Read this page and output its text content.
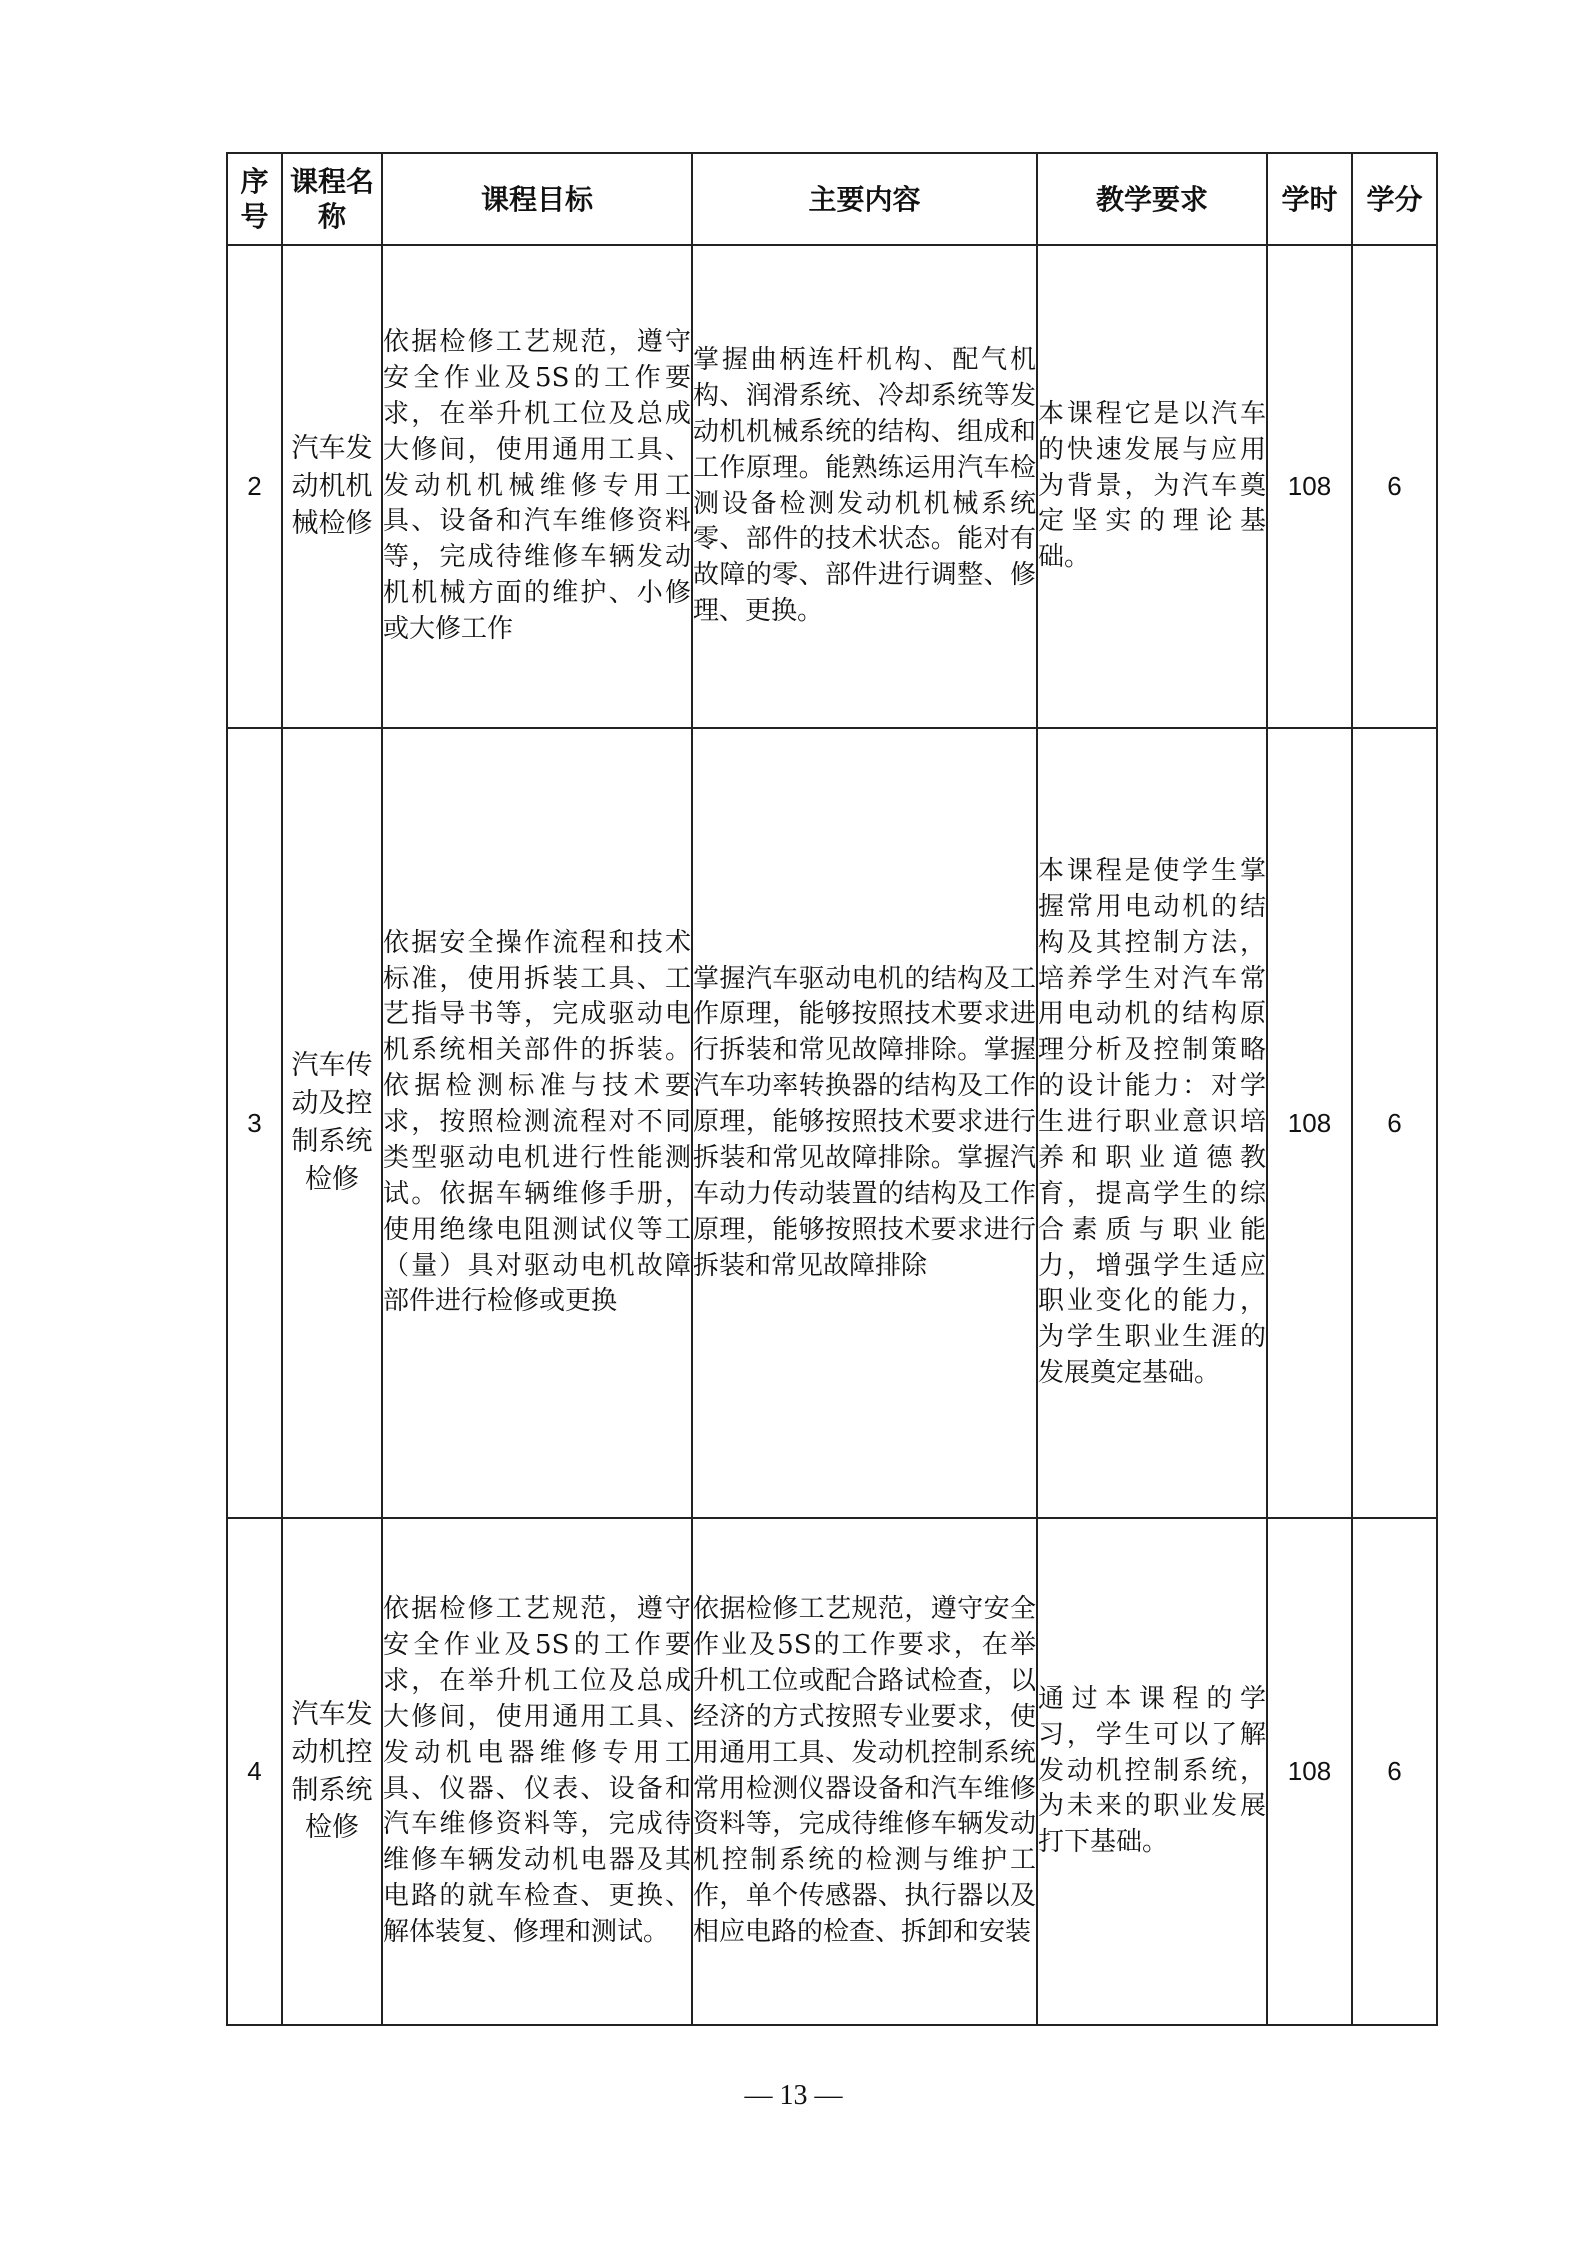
序号	课程名称	课程目标	主要内容	教学要求	学时	学分
2	汽车发动机机械检修	依据检修工艺规范，遵守安全作业及5S的工作要求，在举升机工位及总成大修间，使用通用工具、发动机机械维修专用工具、设备和汽车维修资料等，完成待维修车辆发动机机械方面的维护、小修或大修工作	掌握曲柄连杆机构、配气机构、润滑系统、冷却系统等发动机机械系统的结构、组成和工作原理。能熟练运用汽车检测设备检测发动机机械系统零、部件的技术状态。能对有故障的零、部件进行调整、修理、更换。	本课程它是以汽车的快速发展与应用为背景，为汽车奠定坚实的理论基础。	108	6
3	汽车传动及控制系统检修	依据安全操作流程和技术标准，使用拆装工具、工艺指导书等，完成驱动电机系统相关部件的拆装。依据检测标准与技术要求，按照检测流程对不同类型驱动电机进行性能测试。依据车辆维修手册，使用绝缘电阻测试仪等工（量）具对驱动电机故障部件进行检修或更换	掌握汽车驱动电机的结构及工作原理，能够按照技术要求进行拆装和常见故障排除。掌握汽车功率转换器的结构及工作原理，能够按照技术要求进行拆装和常见故障排除。掌握汽车动力传动装置的结构及工作原理，能够按照技术要求进行拆装和常见故障排除	本课程是使学生掌握常用电动机的结构及其控制方法，培养学生对汽车常用电动机的结构原理分析及控制策略的设计能力：对学生进行职业意识培养和职业道德教育，提高学生的综合素质与职业能力，增强学生适应职业变化的能力，为学生职业生涯的发展奠定基础。	108	6
4	汽车发动机控制系统检修	依据检修工艺规范，遵守安全作业及5S的工作要求，在举升机工位及总成大修间，使用通用工具、发动机电器维修专用工具、仪器、仪表、设备和汽车维修资料等，完成待维修车辆发动机电器及其电路的就车检查、更换、解体装复、修理和测试。	依据检修工艺规范，遵守安全作业及5S的工作要求，在举升机工位或配合路试检查，以经济的方式按照专业要求，使用通用工具、发动机控制系统常用检测仪器设备和汽车维修资料等，完成待维修车辆发动机控制系统的检测与维护工作，单个传感器、执行器以及相应电路的检查、拆卸和安装	通过本课程的学习，学生可以了解发动机控制系统，为未来的职业发展打下基础。	108	6
— 13 —
